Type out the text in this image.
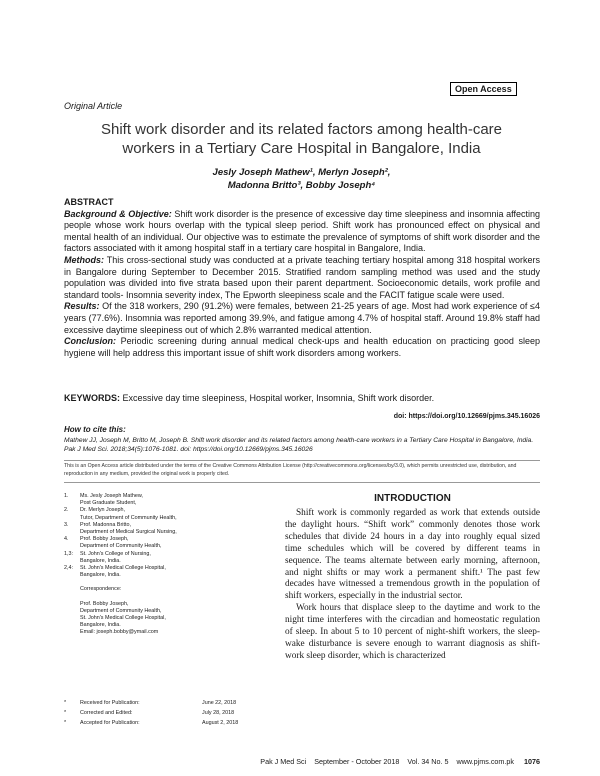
Open Access
Original Article
Shift work disorder and its related factors among health-care
workers in a Tertiary Care Hospital in Bangalore, India
Jesly Joseph Mathew¹, Merlyn Joseph²,
Madonna Britto³, Bobby Joseph⁴
ABSTRACT

Background & Objective: Shift work disorder is the presence of excessive day time sleepiness and insomnia affecting people whose work hours overlap with the typical sleep period. Shift work has pronounced effect on physical and mental health of an individual. Our objective was to estimate the prevalence of symptoms of shift work disorder and the factors associated with it among hospital staff in a tertiary care hospital in Bangalore, India.

Methods: This cross-sectional study was conducted at a private teaching tertiary hospital among 318 hospital workers in Bangalore during September to December 2015. Stratified random sampling method was used and the study population was divided into five strata based upon their parent department. Socioeconomic details, work profile and standard tools- Insomnia severity index, The Epworth sleepiness scale and the FACIT fatigue scale were used.

Results: Of the 318 workers, 290 (91.2%) were females, between 21-25 years of age. Most had work experience of ≤4 years (77.6%). Insomnia was reported among 39.9%, and fatigue among 4.7% of hospital staff. Around 19.8% staff had excessive daytime sleepiness out of which 2.8% warranted medical attention.

Conclusion: Periodic screening during annual medical check-ups and health education on practicing good sleep hygiene will help address this important issue of shift work disorders among workers.

KEYWORDS: Excessive day time sleepiness, Hospital worker, Insomnia, Shift work disorder.
doi: https://doi.org/10.12669/pjms.345.16026
How to cite this:
Mathew JJ, Joseph M, Britto M, Joseph B. Shift work disorder and its related factors among health-care workers in a Tertiary Care Hospital in Bangalore, India. Pak J Med Sci. 2018;34(5):1076-1081. doi: https://doi.org/10.12669/pjms.345.16026
This is an Open Access article distributed under the terms of the Creative Commons Attribution License (http://creativecommons.org/licenses/by/3.0), which permits unrestricted use, distribution, and reproduction in any medium, provided the original work is properly cited.
1.	Ms. Jesly Joseph Mathew,
Post Graduate Student,
2.	Dr. Merlyn Joseph,
Tutor, Department of Community Health,
3.	Prof. Madonna Britto,
Department of Medical Surgical Nursing,
4.	Prof. Bobby Joseph,
Department of Community Health,
1,3:	St. John's College of Nursing,
Bangalore, India.
2,4:	St. John's Medical College Hospital,
Bangalore, India.
Correspondence:
Prof. Bobby Joseph,
Department of Community Health,
St. John's Medical College Hospital,
Bangalore, India.
Email: joseph.bobby@ymail.com
*	Received for Publication:	June 22, 2018
*	Corrected and Edited:	July 28, 2018
*	Accepted for Publication:	August 2, 2018
INTRODUCTION

Shift work is commonly regarded as work that extends outside the daylight hours. “Shift work” commonly denotes those work schedules that divide 24 hours in a day into roughly equal sized time schedules which will be covered by different teams in sequence. The teams alternate between early morning, afternoon, and night shifts or may work a permanent shift.¹ The past few decades have witnessed a tremendous growth in the population of shift workers, especially in the industrial sector.

Work hours that displace sleep to the daytime and work to the night time interferes with the circadian and homeostatic regulation of sleep. In about 5 to 10 percent of night-shift workers, the sleep-wake disturbance is severe enough to warrant diagnosis as shift-work sleep disorder, which is characterized

Pak J Med Sci September - October 2018 Vol. 34 No. 5 www.pjms.com.pk 1076
